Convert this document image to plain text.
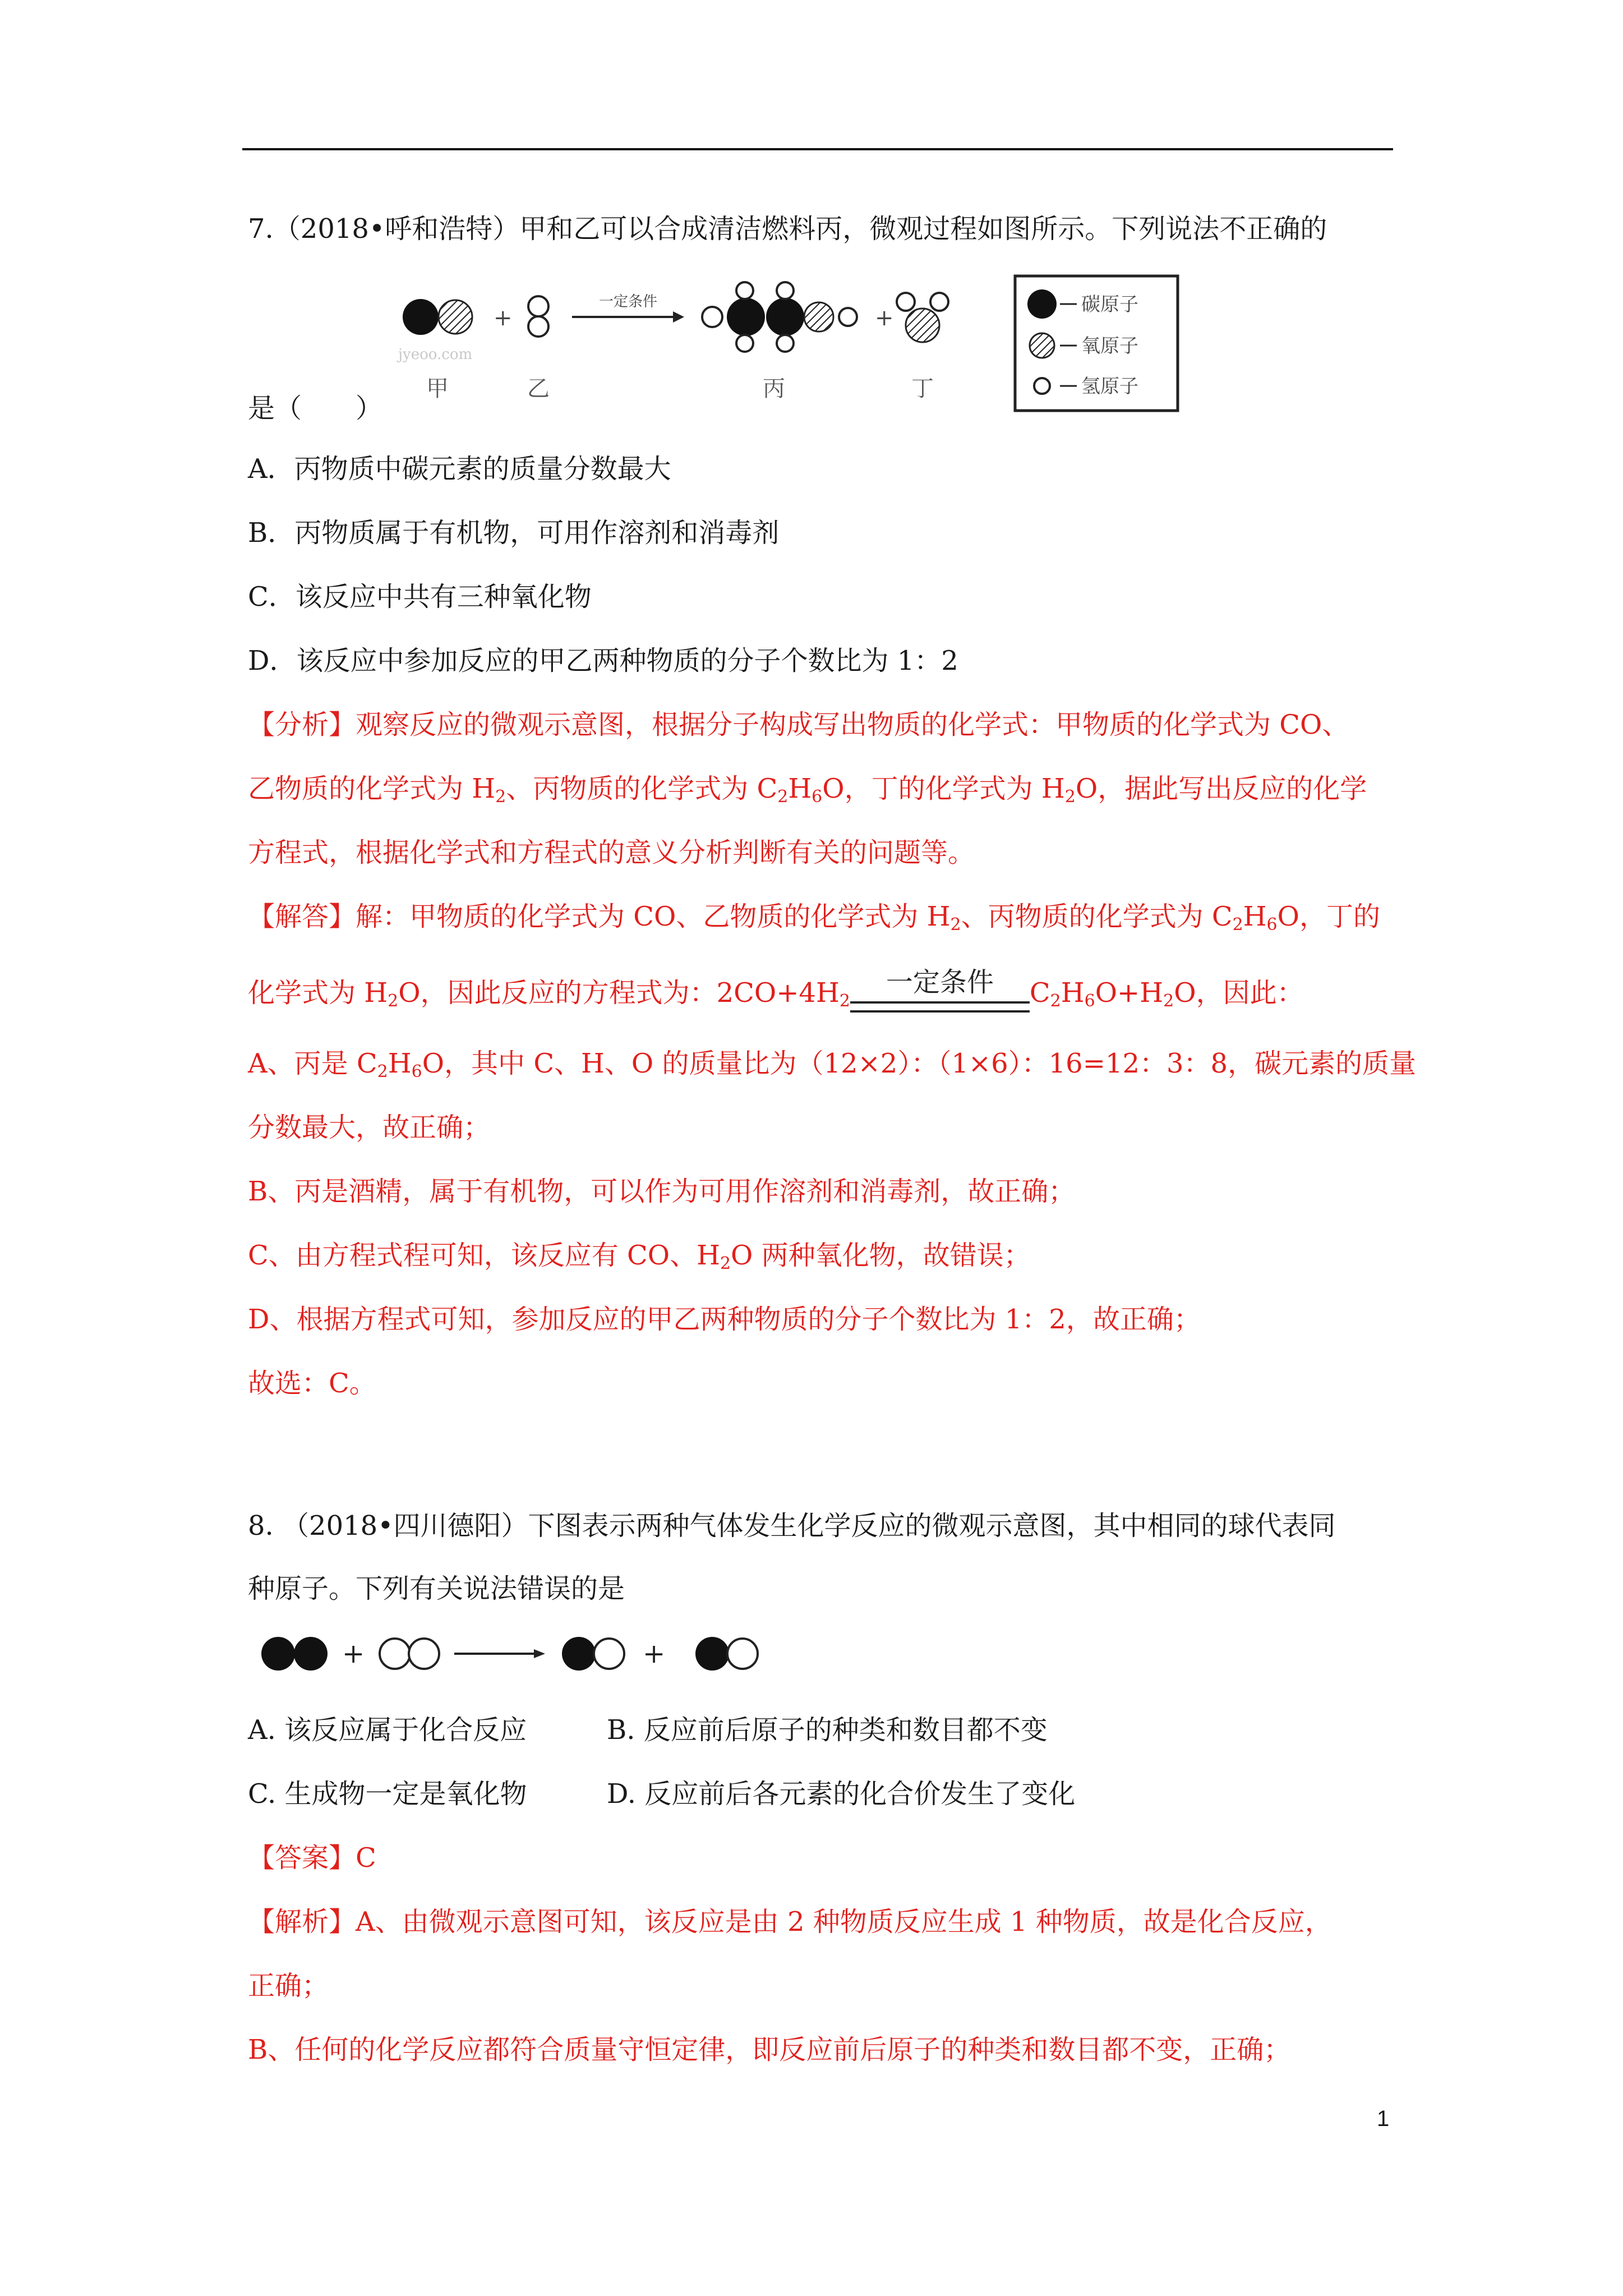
7.（2018•呼和浩特）甲和乙可以合成清洁燃料丙，微观过程如图所示。下列说法不正确的
+
一定条件
+
jyeoo.com
甲	乙	丙	丁
碳原子
氧原子
氢原子
是（　　）
A．丙物质中碳元素的质量分数最大
B．丙物质属于有机物，可用作溶剂和消毒剂
C．该反应中共有三种氧化物
D．该反应中参加反应的甲乙两种物质的分子个数比为 1：2
【分析】观察反应的微观示意图，根据分子构成写出物质的化学式：甲物质的化学式为 CO、
乙物质的化学式为 $H_2$、丙物质的化学式为 $C_2H_6O$，丁的化学式为 $H_2O$，据此写出反应的化学
方程式，根据化学式和方程式的意义分析判断有关的问题等。
【解答】解：甲物质的化学式为 CO、乙物质的化学式为 $H_2$、丙物质的化学式为 $C_2H_6O$，丁的
化学式为 $H_2O$，因此反应的方程式为：$2CO+4H_2$
一定条件	$C_2H_6O+H_2O$，因此：
A、丙是 $C_2H_6O$，其中 C、H、O 的质量比为（12×2）：（1×6）：16=12：3：8，碳元素的质量
分数最大，故正确；
B、丙是酒精，属于有机物，可以作为可用作溶剂和消毒剂，故正确；
C、由方程式程可知，该反应有 CO、$H_2O$ 两种氧化物，故错误；
D、根据方程式可知，参加反应的甲乙两种物质的分子个数比为 1：2，故正确；
故选：C。
8. （2018•四川德阳）下图表示两种气体发生化学反应的微观示意图，其中相同的球代表同
种原子。下列有关说法错误的是
+	+
A. 该反应属于化合反应	B. 反应前后原子的种类和数目都不变
C. 生成物一定是氧化物	D. 反应前后各元素的化合价发生了变化
【答案】C
【解析】A、由微观示意图可知，该反应是由 2 种物质反应生成 1 种物质，故是化合反应，
正确；
B、任何的化学反应都符合质量守恒定律，即反应前后原子的种类和数目都不变，正确；
1
